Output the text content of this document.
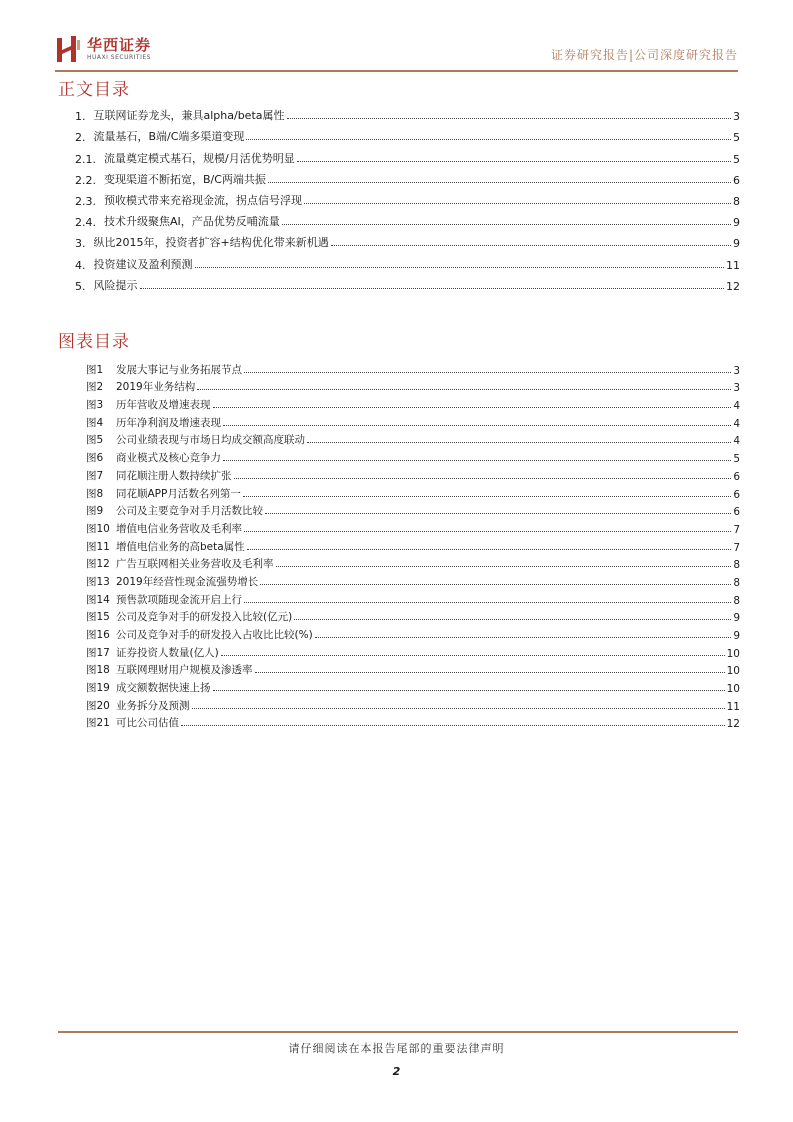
华西证券
HUAXI SECURITIES	证券研究报告|公司深度研究报告
正文目录
1. 互联网证券龙头，兼具alpha/beta属性	3
2. 流量基石，B端/C端多渠道变现	5
2.1. 流量奠定模式基石，规模/月活优势明显	5
2.2. 变现渠道不断拓宽，B/C两端共振	6
2.3. 预收模式带来充裕现金流，拐点信号浮现	8
2.4. 技术升级聚焦AI，产品优势反哺流量	9
3. 纵比2015年，投资者扩容+结构优化带来新机遇	9
4. 投资建议及盈利预测	11
5. 风险提示	12
图表目录
图1	发展大事记与业务拓展节点	3
图2	2019年业务结构	3
图3	历年营收及增速表现	4
图4	历年净利润及增速表现	4
图5	公司业绩表现与市场日均成交额高度联动	4
图6	商业模式及核心竞争力	5
图7	同花顺注册人数持续扩张	6
图8	同花顺APP月活数名列第一	6
图9	公司及主要竞争对手月活数比较	6
图10 增值电信业务营收及毛利率	7
图11 增值电信业务的高beta属性	7
图12 广告互联网相关业务营收及毛利率	8
图13 2019年经营性现金流强势增长	8
图14 预售款项随现金流开启上行	8
图15 公司及竞争对手的研发投入比较(亿元)	9
图16 公司及竞争对手的研发投入占收比比较(%)	9
图17 证券投资人数量(亿人)	10
图18 互联网理财用户规模及渗透率	10
图19 成交额数据快速上扬	10
图20 业务拆分及预测	11
图21 可比公司估值	12
请仔细阅读在本报告尾部的重要法律声明
2
